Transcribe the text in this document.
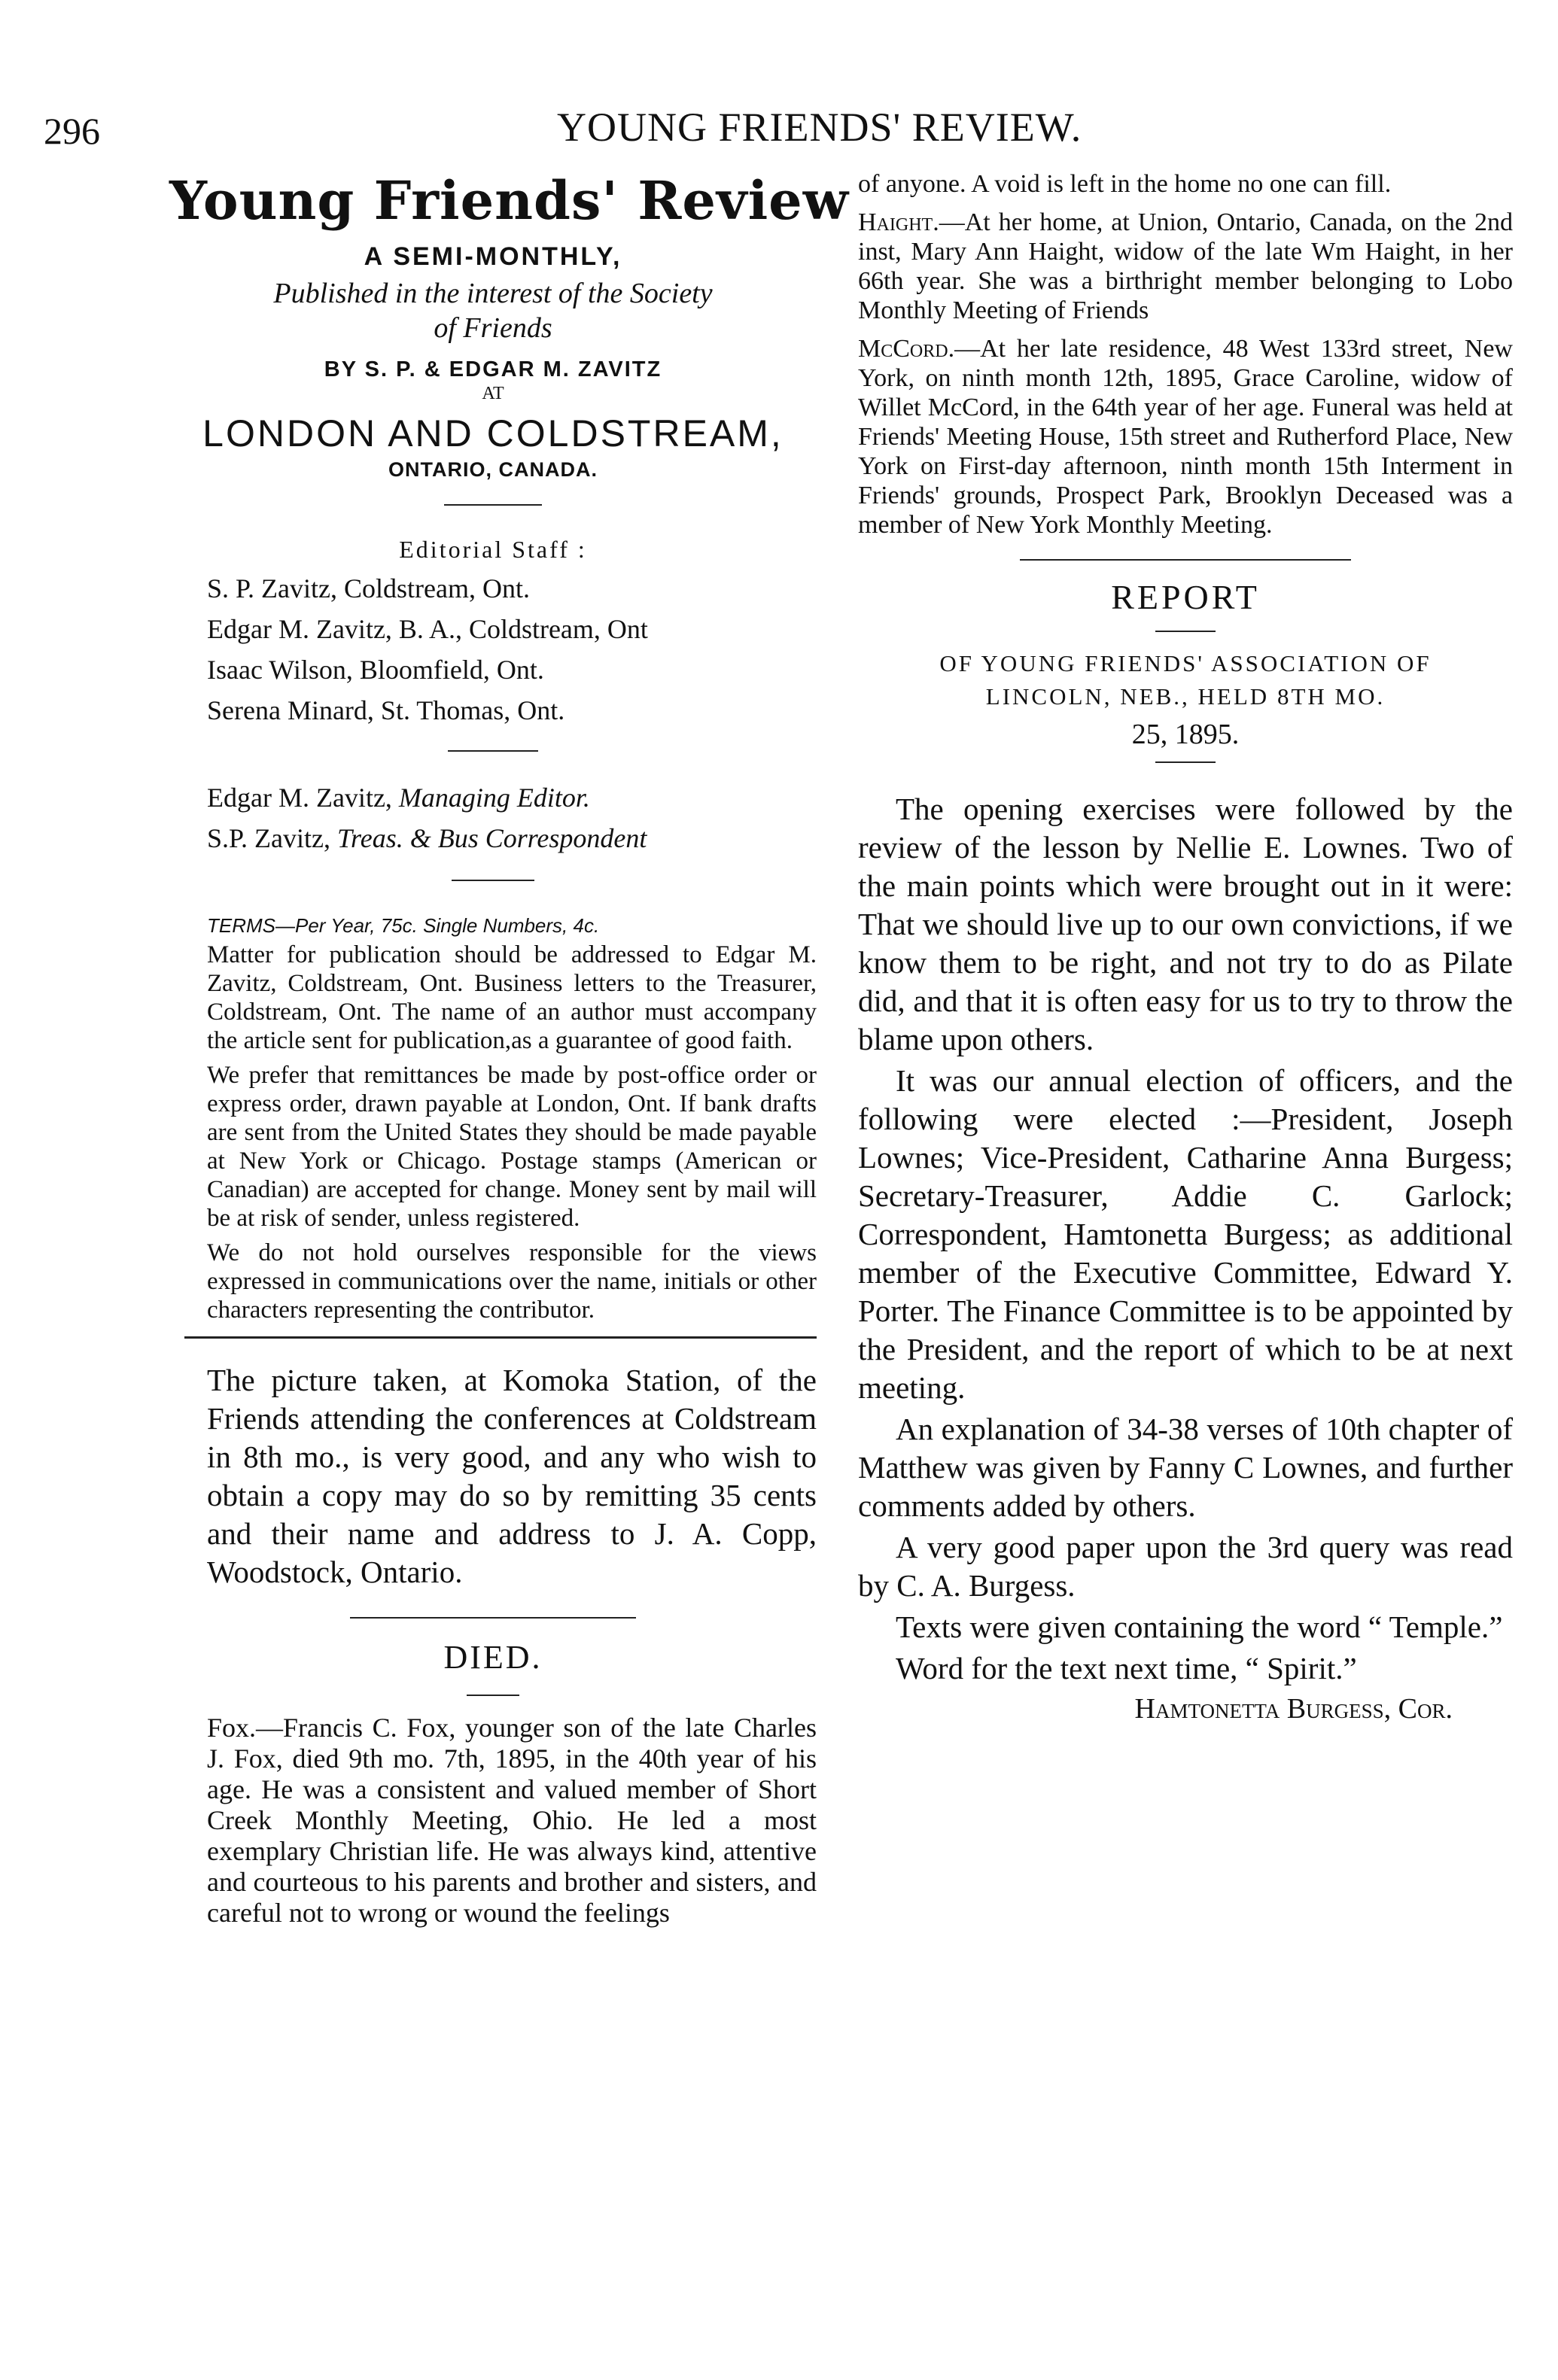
296	YOUNG FRIENDS' REVIEW.
Young Friends' Review
A SEMI-MONTHLY,
Published in the interest of the Society
of Friends
BY S. P. & EDGAR M. ZAVITZ
AT
LONDON AND COLDSTREAM,
ONTARIO, CANADA.
Editorial Staff :
S. P. Zavitz, Coldstream, Ont.
Edgar M. Zavitz, B. A., Coldstream, Ont
Isaac Wilson, Bloomfield, Ont.
Serena Minard, St. Thomas, Ont.
Edgar M. Zavitz, Managing Editor.
S.P. Zavitz, Treas. & Bus Correspondent
TERMS—Per Year, 75c. Single Numbers, 4c.

Matter for publication should be addressed to Edgar M. Zavitz, Coldstream, Ont. Business letters to the Treasurer, Coldstream, Ont. The name of an author must accompany the article sent for publication,as a guarantee of good faith.

We prefer that remittances be made by post-office order or express order, drawn payable at London, Ont. If bank drafts are sent from the United States they should be made payable at New York or Chicago. Postage stamps (American or Canadian) are accepted for change. Money sent by mail will be at risk of sender, unless registered.

We do not hold ourselves responsible for the views expressed in communications over the name, initials or other characters representing the contributor.

The picture taken, at Komoka Station, of the Friends attending the conferences at Coldstream in 8th mo., is very good, and any who wish to obtain a copy may do so by remitting 35 cents and their name and address to J. A. Copp, Woodstock, Ontario.

DIED.

Fox.—Francis C. Fox, younger son of the late Charles J. Fox, died 9th mo. 7th, 1895, in the 40th year of his age. He was a consistent and valued member of Short Creek Monthly Meeting, Ohio. He led a most exemplary Christian life. He was always kind, attentive and courteous to his parents and brother and sisters, and careful not to wrong or wound the feelings

of anyone. A void is left in the home no one can fill.

Haight.—At her home, at Union, Ontario, Canada, on the 2nd inst, Mary Ann Haight, widow of the late Wm Haight, in her 66th year. She was a birthright member belonging to Lobo Monthly Meeting of Friends

McCord.—At her late residence, 48 West 133rd street, New York, on ninth month 12th, 1895, Grace Caroline, widow of Willet McCord, in the 64th year of her age. Funeral was held at Friends' Meeting House, 15th street and Rutherford Place, New York on First-day afternoon, ninth month 15th Interment in Friends' grounds, Prospect Park, Brooklyn Deceased was a member of New York Monthly Meeting.

REPORT
OF YOUNG FRIENDS' ASSOCIATION OF
LINCOLN, NEB., HELD 8TH MO.
25, 1895.

The opening exercises were followed by the review of the lesson by Nellie E. Lownes. Two of the main points which were brought out in it were: That we should live up to our own convictions, if we know them to be right, and not try to do as Pilate did, and that it is often easy for us to try to throw the blame upon others.

It was our annual election of officers, and the following were elected :—President, Joseph Lownes; Vice-President, Catharine Anna Burgess; Secretary-Treasurer, Addie C. Garlock; Correspondent, Hamtonetta Burgess; as additional member of the Executive Committee, Edward Y. Porter. The Finance Committee is to be appointed by the President, and the report of which to be at next meeting.

An explanation of 34-38 verses of 10th chapter of Matthew was given by Fanny C Lownes, and further comments added by others.

A very good paper upon the 3rd query was read by C. A. Burgess.

Texts were given containing the word “ Temple.”

Word for the text next time, “ Spirit.”

Hamtonetta Burgess, Cor.
